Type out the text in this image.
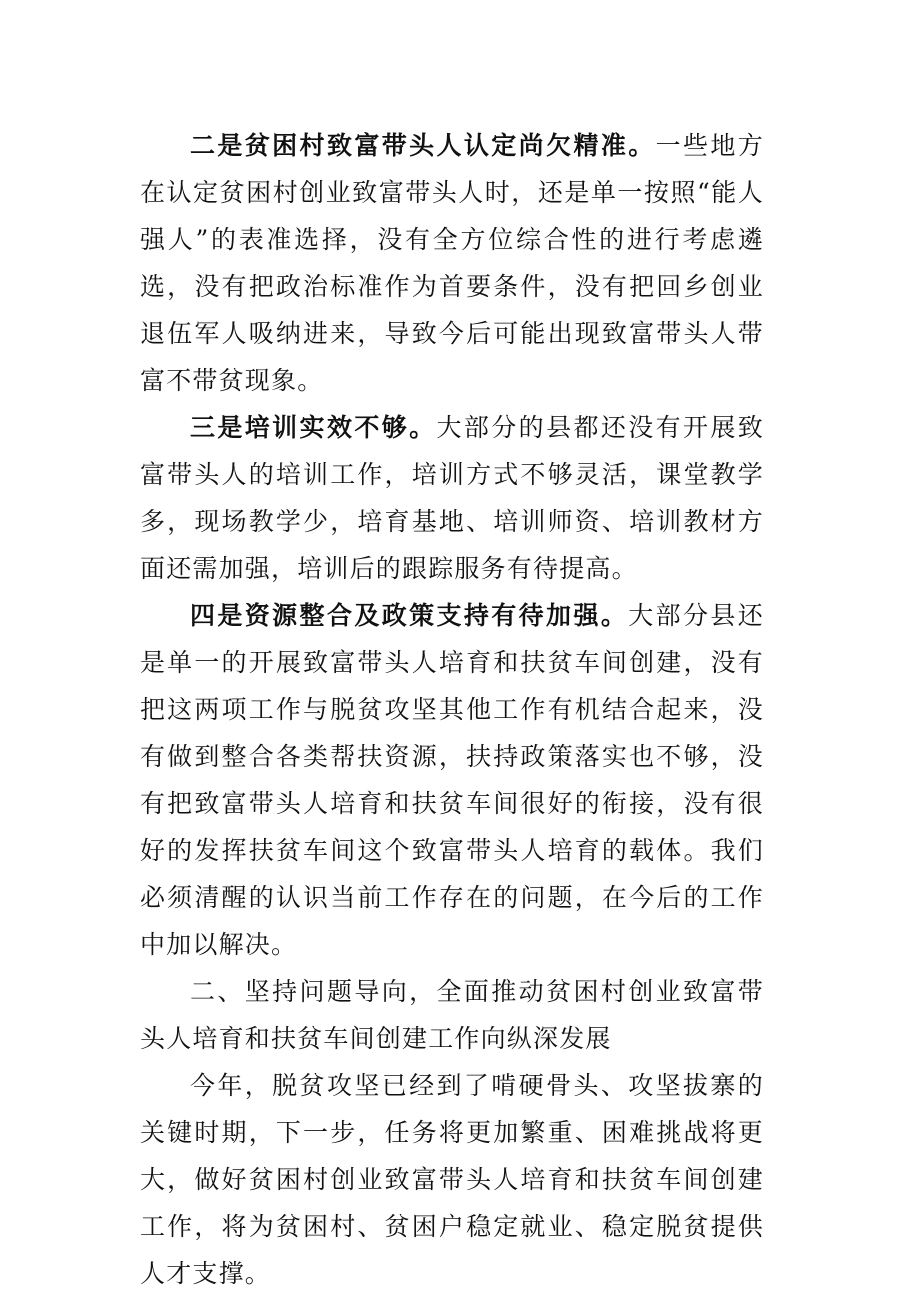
二是贫困村致富带头人认定尚欠精准。一些地方在认定贫困村创业致富带头人时，还是单一按照“能人强人”的表准选择，没有全方位综合性的进行考虑遴选，没有把政治标准作为首要条件，没有把回乡创业退伍军人吸纳进来，导致今后可能出现致富带头人带富不带贫现象。

三是培训实效不够。大部分的县都还没有开展致富带头人的培训工作，培训方式不够灵活，课堂教学多，现场教学少，培育基地、培训师资、培训教材方面还需加强，培训后的跟踪服务有待提高。

四是资源整合及政策支持有待加强。大部分县还是单一的开展致富带头人培育和扶贫车间创建，没有把这两项工作与脱贫攻坚其他工作有机结合起来，没有做到整合各类帮扶资源，扶持政策落实也不够，没有把致富带头人培育和扶贫车间很好的衔接，没有很好的发挥扶贫车间这个致富带头人培育的载体。我们必须清醒的认识当前工作存在的问题，在今后的工作中加以解决。

二、坚持问题导向，全面推动贫困村创业致富带头人培育和扶贫车间创建工作向纵深发展

今年，脱贫攻坚已经到了啃硬骨头、攻坚拔寨的关键时期，下一步，任务将更加繁重、困难挑战将更大，做好贫困村创业致富带头人培育和扶贫车间创建工作，将为贫困村、贫困户稳定就业、稳定脱贫提供人才支撑。
